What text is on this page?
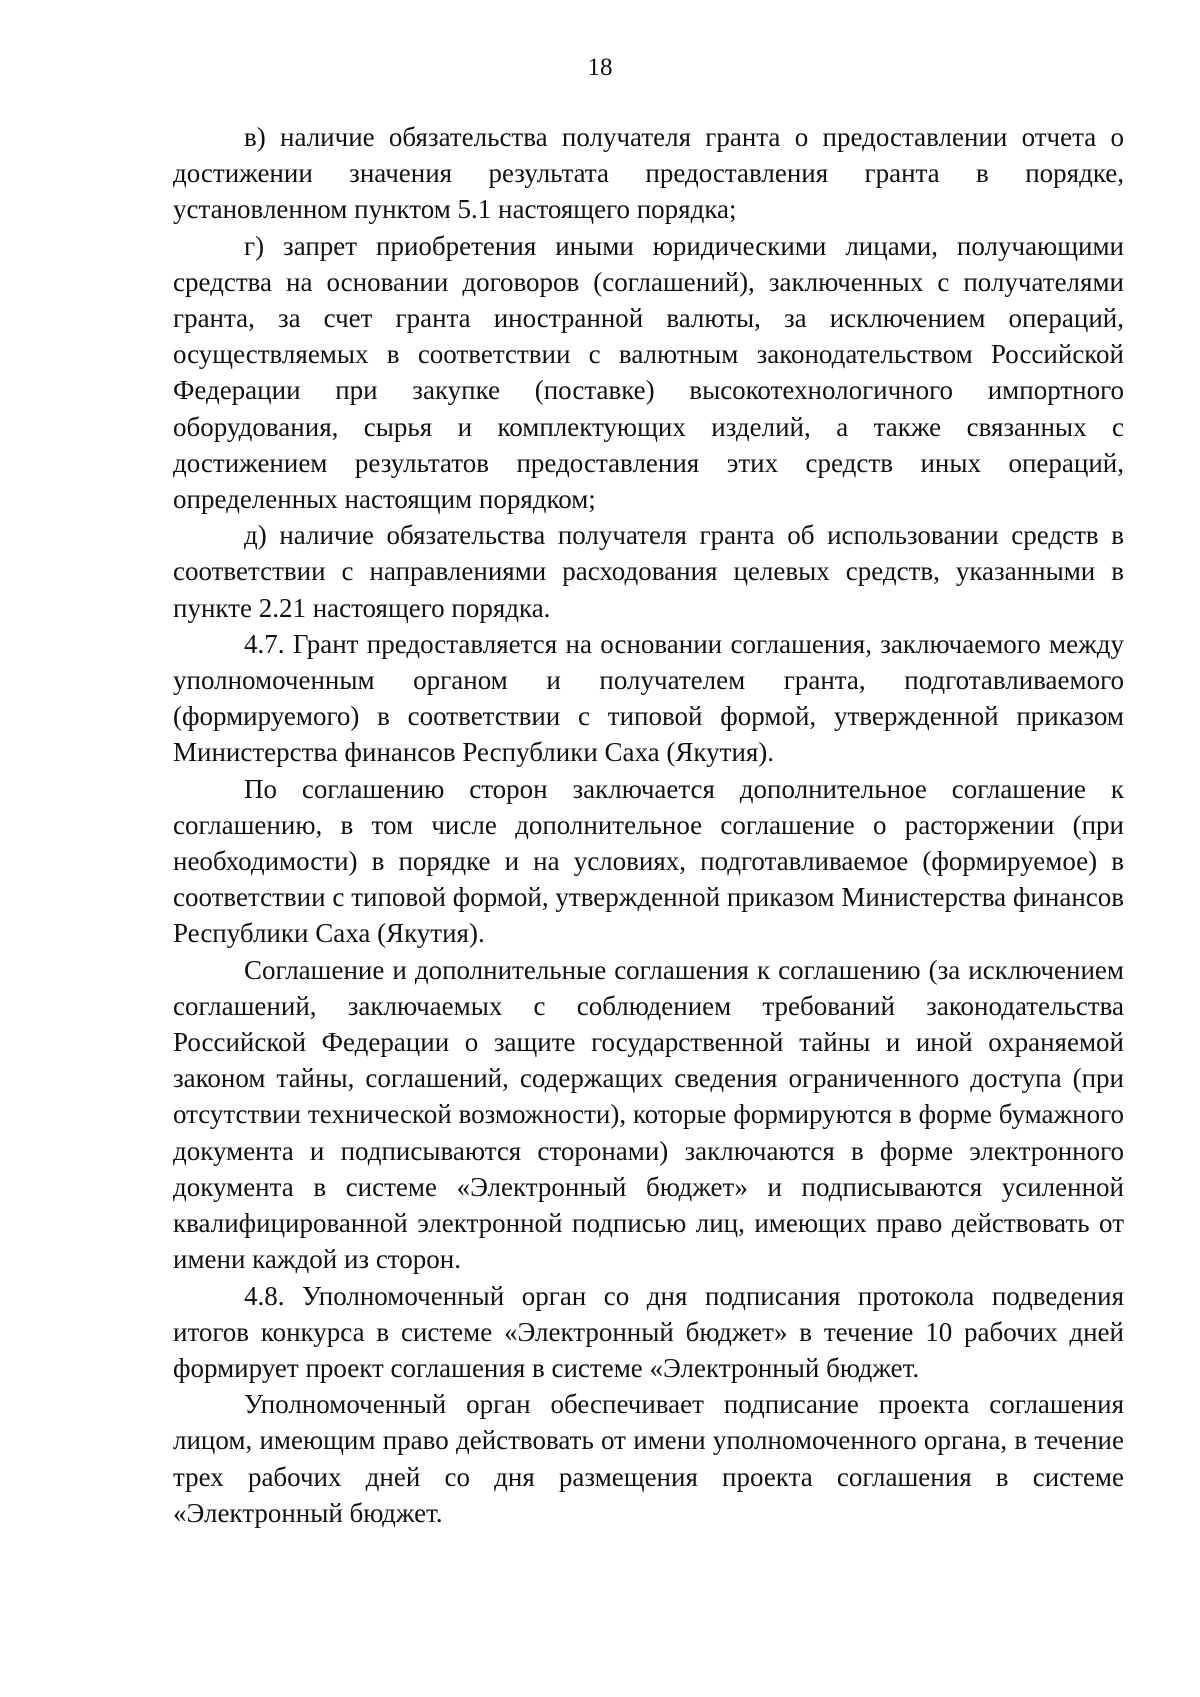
18

в) наличие обязательства получателя гранта о предоставлении отчета о достижении значения результата предоставления гранта в порядке, установленном пунктом 5.1 настоящего порядка;

г) запрет приобретения иными юридическими лицами, получающими средства на основании договоров (соглашений), заключенных с получателями гранта, за счет гранта иностранной валюты, за исключением операций, осуществляемых в соответствии с валютным законодательством Российской Федерации при закупке (поставке) высокотехнологичного импортного оборудования, сырья и комплектующих изделий, а также связанных с достижением результатов предоставления этих средств иных операций, определенных настоящим порядком;

д) наличие обязательства получателя гранта об использовании средств в соответствии с направлениями расходования целевых средств, указанными в пункте 2.21 настоящего порядка.

4.7. Грант предоставляется на основании соглашения, заключаемого между уполномоченным органом и получателем гранта, подготавливаемого (формируемого) в соответствии с типовой формой, утвержденной приказом Министерства финансов Республики Саха (Якутия).

По соглашению сторон заключается дополнительное соглашение к соглашению, в том числе дополнительное соглашение о расторжении (при необходимости) в порядке и на условиях, подготавливаемое (формируемое) в соответствии с типовой формой, утвержденной приказом Министерства финансов Республики Саха (Якутия).

Соглашение и дополнительные соглашения к соглашению (за исключением соглашений, заключаемых с соблюдением требований законодательства Российской Федерации о защите государственной тайны и иной охраняемой законом тайны, соглашений, содержащих сведения ограниченного доступа (при отсутствии технической возможности), которые формируются в форме бумажного документа и подписываются сторонами) заключаются в форме электронного документа в системе «Электронный бюджет» и подписываются усиленной квалифицированной электронной подписью лиц, имеющих право действовать от имени каждой из сторон.

4.8. Уполномоченный орган со дня подписания протокола подведения итогов конкурса в системе «Электронный бюджет» в течение 10 рабочих дней формирует проект соглашения в системе «Электронный бюджет.

Уполномоченный орган обеспечивает подписание проекта соглашения лицом, имеющим право действовать от имени уполномоченного органа, в течение трех рабочих дней со дня размещения проекта соглашения в системе «Электронный бюджет.
